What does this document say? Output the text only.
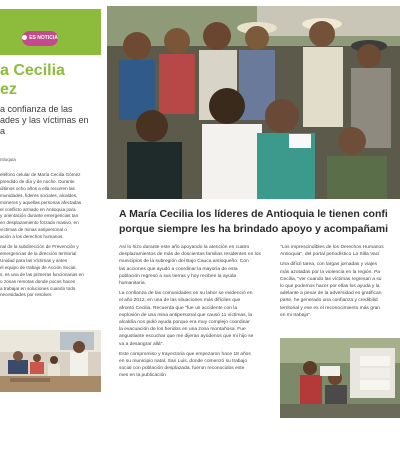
ES NOTICIA
a Cecilia
ez
a confianza de las
ades y las víctimas en
a
ntioquia

eléfono celular de María Cecilia Gómez
prendido de día y de noche. Durante
últimos ocho años a ella recurren las
munidades, líderes sociales, alcaldes,
moneros y aquellas personas afectadas
el conflicto armado en Antioquia para
y orientación durante emergencias tan
en desplazamiento forzado masivo, en
víctimas de minas antipersonal o
ación a los derechos humanos.

nal de la subdirección de Prevención y
emergencias de la dirección territorial
Unidad para las Víctimas y antes
el equipo de trabajo de Acción Social,
s, es una de las primeras funcionarias en
o zonas remotas donde pocos hacen
a trabajar en soluciones cuando todo
necesidades por resolver.

A María Cecilia los líderes de Antioquia le tienen confi
porque siempre les ha brindado apoyo y acompañami

Así lo hizo durante este año apoyando la atención en cuatro
desplazamientos de más de doscientas familias residentes en los
municipios de la subregión del Bajo Cauca antioqueño. Con
las acciones que ayudó a coordinar la mayoría de esta
población regresó a sus tierras y hoy reciben la ayuda
humanitaria.

La confianza de las comunidades en su labor se evidenció en
el año 2012, en una de las situaciones más difíciles que
afrontó Cecilia. Recuerda que "fue un accidente con la
explosión de una mina antipersonal que causó 11 víctimas, la
alcaldía nos pidió ayuda porque era muy complejo coordinar
la evacuación de los heridos en una zona montañosa. Fue
angustiante escuchar que me dijeran ayúdenos que mi hijo se
va a desangrar allá".

Este compromiso y trayectoria que empezaron hace 18 años
en su municipio natal, San Luis, donde comenzó su trabajo
social con población desplazada, fueron reconocidos este
mes en la publicación

"Los imprescindibles de los Derechos Humanos
Antioquia", del portal periodístico La Silla Vací

Una difícil tarea, con largas jornadas y viajes
más azotadas por la violencia en la región. Pa
Cecilia, "ver cuando las víctimas regresan a su
lo que podemos hacer por ellas los ayuda y la
adelante a pesar de la adversidad es gratifican
parte, he generado una confianza y credibilid
territorial y ese es el reconocimiento más gran
en mi trabajo".
